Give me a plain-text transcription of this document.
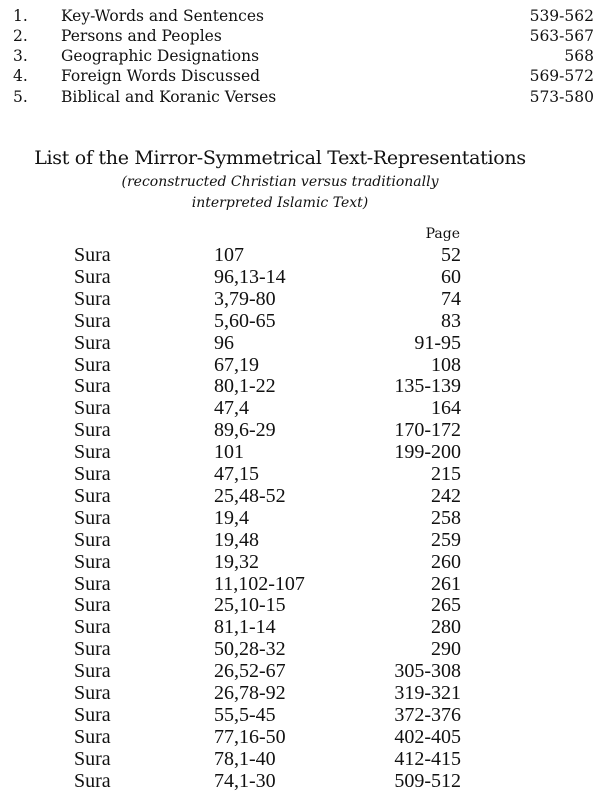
1. Key-Words and Sentences	539-562
2. Persons and Peoples	563-567
3. Geographic Designations	568
4. Foreign Words Discussed	569-572
5. Biblical and Koranic Verses	573-580
List of the Mirror-Symmetrical Text-Representations
(reconstructed Christian versus traditionally
interpreted Islamic Text)
Page
Sura	107	52
Sura	96,13-14	60
Sura	3,79-80	74
Sura	5,60-65	83
Sura	96	91-95
Sura	67,19	108
Sura	80,1-22	135-139
Sura	47,4	164
Sura	89,6-29	170-172
Sura	101	199-200
Sura	47,15	215
Sura	25,48-52	242
Sura	19,4	258
Sura	19,48	259
Sura	19,32	260
Sura	11,102-107	261
Sura	25,10-15	265
Sura	81,1-14	280
Sura	50,28-32	290
Sura	26,52-67	305-308
Sura	26,78-92	319-321
Sura	55,5-45	372-376
Sura	77,16-50	402-405
Sura	78,1-40	412-415
Sura	74,1-30	509-512
